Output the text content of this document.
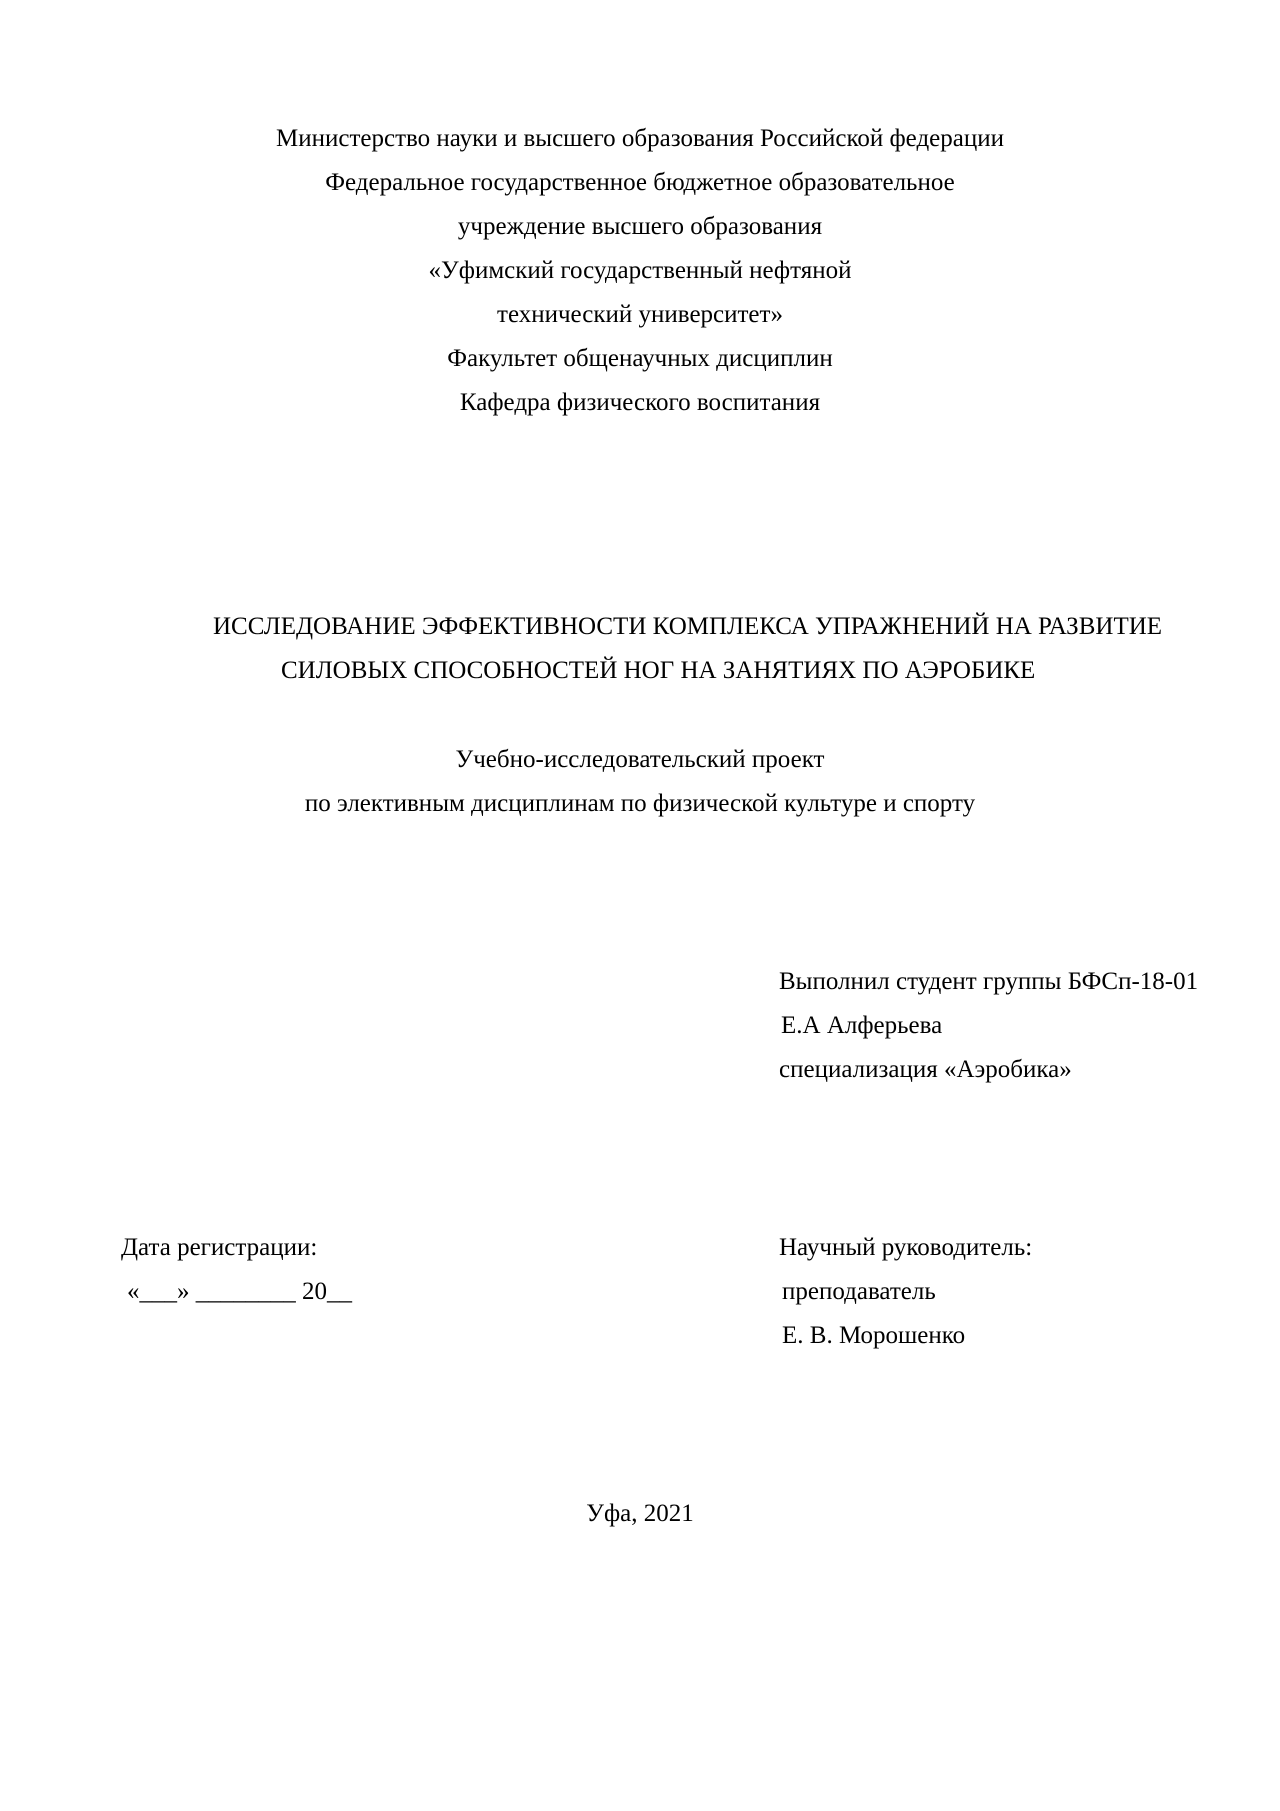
Министерство науки и высшего образования Российской федерации
Федеральное государственное бюджетное образовательное
учреждение высшего образования
«Уфимский государственный нефтяной
технический университет»
Факультет общенаучных дисциплин
Кафедра физического воспитания
ИССЛЕДОВАНИЕ ЭФФЕКТИВНОСТИ КОМПЛЕКСА УПРАЖНЕНИЙ НА РАЗВИТИЕ
СИЛОВЫХ СПОСОБНОСТЕЙ НОГ НА ЗАНЯТИЯХ ПО АЭРОБИКЕ
Учебно-исследовательский проект
по элективным дисциплинам по физической культуре и спорту
Выполнил студент группы БФСп-18-01
Е.А Алферьева
специализация «Аэробика»
Дата регистрации:
«___» ________ 20__
Научный руководитель:
преподаватель
Е. В. Морошенко
Уфа, 2021
